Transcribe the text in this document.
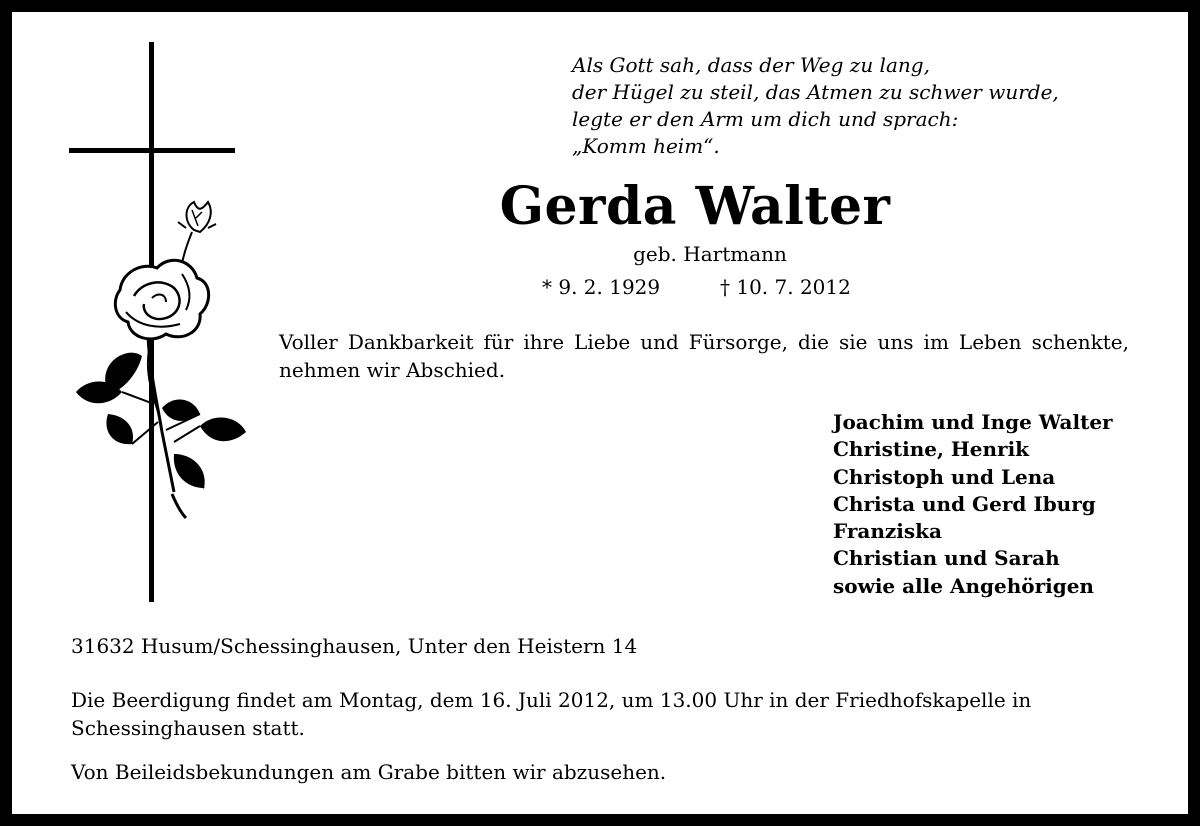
Als Gott sah, dass der Weg zu lang,
der Hügel zu steil, das Atmen zu schwer wurde,
legte er den Arm um dich und sprach:
„Komm heim“.
Gerda Walter
geb. Hartmann
* 9. 2. 1929	† 10. 7. 2012
Voller Dankbarkeit für ihre Liebe und Fürsorge, die sie uns im Leben schenkte, nehmen wir Abschied.
Joachim und Inge Walter
Christine, Henrik
Christoph und Lena
Christa und Gerd Iburg
Franziska
Christian und Sarah
sowie alle Angehörigen
31632 Husum/Schessinghausen, Unter den Heistern 14
Die Beerdigung findet am Montag, dem 16. Juli 2012, um 13.00 Uhr in der Friedhofskapelle in Schessinghausen statt.
Von Beileidsbekundungen am Grabe bitten wir abzusehen.
